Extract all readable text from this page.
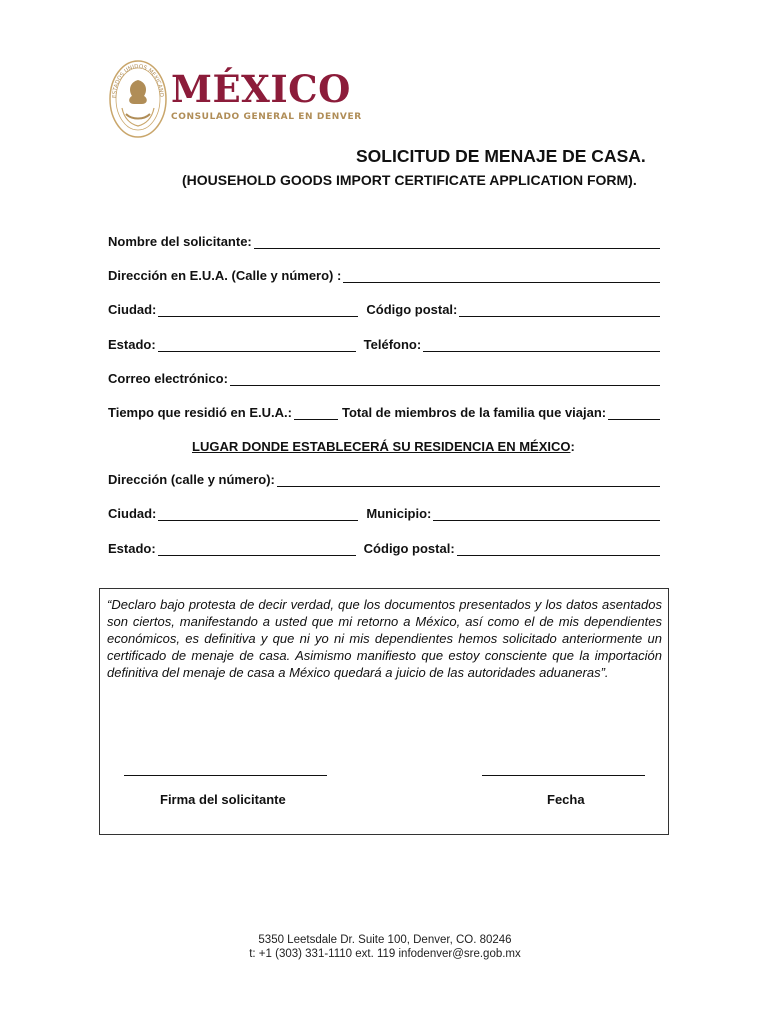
ESTADOS UNIDOS MEXICANO MÉXICO
CONSULADO GENERAL EN DENVER
SOLICITUD DE MENAJE DE CASA.
(HOUSEHOLD GOODS IMPORT CERTIFICATE APPLICATION FORM).
Nombre del solicitante:
Dirección en E.U.A. (Calle y número) :
Ciudad:	Código postal:
Estado:	Teléfono:
Correo electrónico:
Tiempo que residió en E.U.A.:	Total de miembros de la familia que viajan:
LUGAR DONDE ESTABLECERÁ SU RESIDENCIA EN MÉXICO:
Dirección (calle y número):
Ciudad:	Municipio:
Estado:	Código postal:
“Declaro bajo protesta de decir verdad, que los documentos presentados y los datos asentados son ciertos, manifestando a usted que mi retorno a México, así como el de mis dependientes económicos, es definitiva y que ni yo ni mis dependientes hemos solicitado anteriormente un certificado de menaje de casa. Asimismo manifiesto que estoy consciente que la importación definitiva del menaje de casa a México quedará a juicio de las autoridades aduaneras”.
Firma del solicitante	Fecha
5350 Leetsdale Dr. Suite 100, Denver, CO. 80246
t: +1 (303) 331-1110 ext. 119 infodenver@sre.gob.mx
